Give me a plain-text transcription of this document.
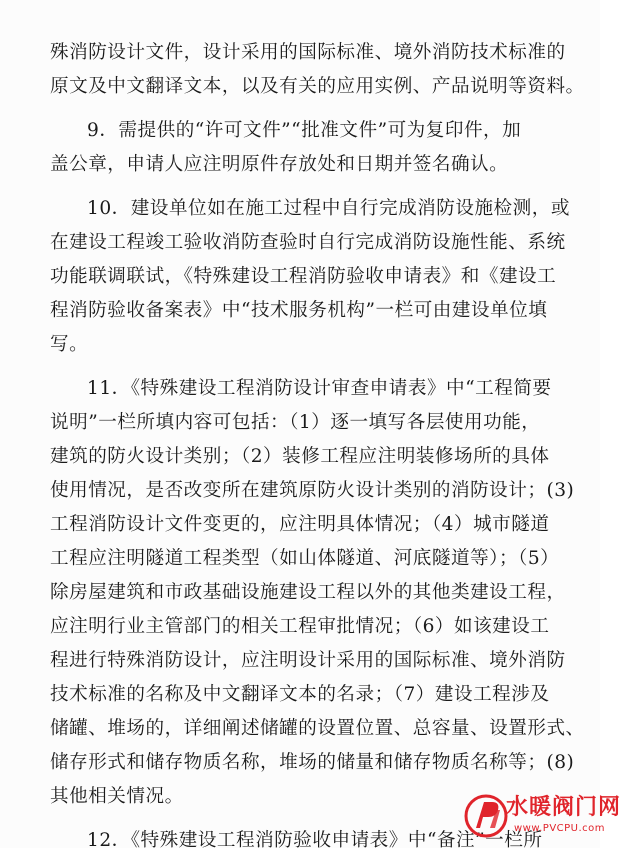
殊消防设计文件，设计采用的国际标准、境外消防技术标准的
原文及中文翻译文本，以及有关的应用实例、产品说明等资料。
9．需提供的“许可文件”“批准文件”可为复印件，加
盖公章，申请人应注明原件存放处和日期并签名确认。
10．建设单位如在施工过程中自行完成消防设施检测，或
在建设工程竣工验收消防查验时自行完成消防设施性能、系统
功能联调联试，《特殊建设工程消防验收申请表》和《建设工
程消防验收备案表》中“技术服务机构”一栏可由建设单位填
写。
11．《特殊建设工程消防设计审查申请表》中“工程简要
说明”一栏所填内容可包括：（1）逐一填写各层使用功能，
建筑的防火设计类别；（2）装修工程应注明装修场所的具体
使用情况，是否改变所在建筑原防火设计类别的消防设计；(3)
工程消防设计文件变更的，应注明具体情况；（4）城市隧道
工程应注明隧道工程类型（如山体隧道、河底隧道等）；（5）
除房屋建筑和市政基础设施建设工程以外的其他类建设工程，
应注明行业主管部门的相关工程审批情况；（6）如该建设工
程进行特殊消防设计，应注明设计采用的国际标准、境外消防
技术标准的名称及中文翻译文本的名录；（7）建设工程涉及
储罐、堆场的，详细阐述储罐的设置位置、总容量、设置形式、
储存形式和储存物质名称，堆场的储量和储存物质名称等；(8)
其他相关情况。
12．《特殊建设工程消防验收申请表》中“备注”一栏所
水暖阀门网
www.PVCPU.com
